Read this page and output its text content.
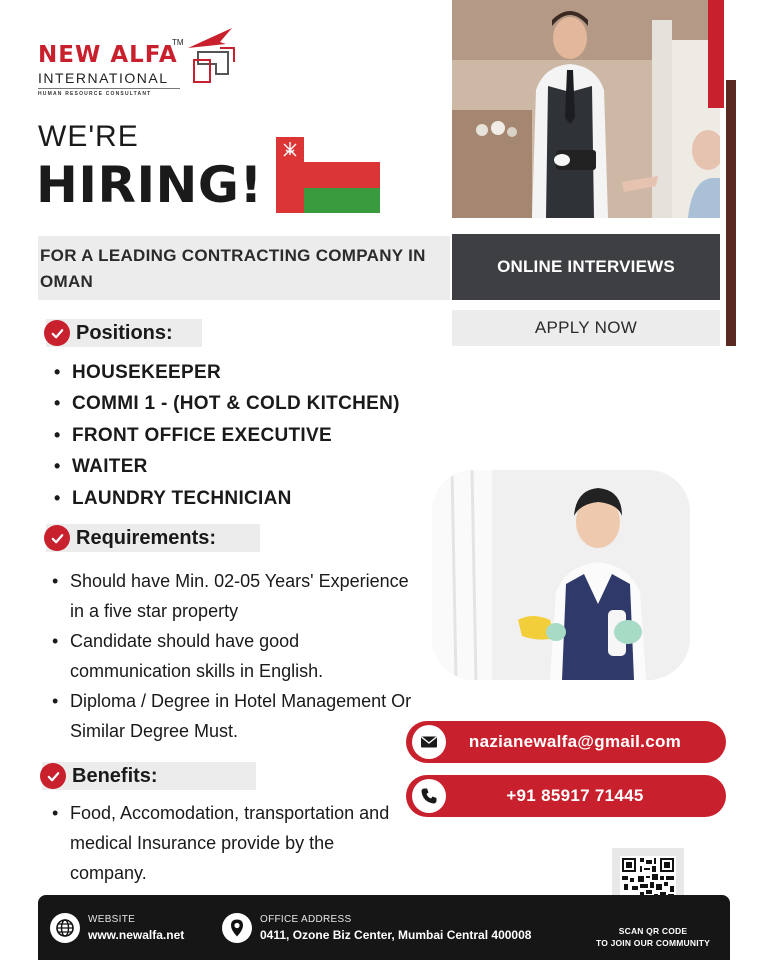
NEW ALFA
TM
INTERNATIONAL
HUMAN RESOURCE CONSULTANT
WE'RE
HIRING!
FOR A LEADING CONTRACTING COMPANY IN OMAN
ONLINE INTERVIEWS
APPLY NOW
Positions:
• HOUSEKEEPER
• COMMI 1 - (HOT & COLD KITCHEN)
• FRONT OFFICE EXECUTIVE
• WAITER
• LAUNDRY TECHNICIAN
Requirements:
• Should have Min. 02-05 Years' Experience in a five star property
• Candidate should have good communication skills in English.
• Diploma / Degree in Hotel Management Or Similar Degree Must.
Benefits:
• Food, Accomodation, transportation and medical Insurance provide by the company.
nazianewalfa@gmail.com
+91 85917 71445
WEBSITE
www.newalfa.net
OFFICE ADDRESS
0411, Ozone Biz Center, Mumbai Central 400008	SCAN QR CODE
TO JOIN OUR COMMUNITY
